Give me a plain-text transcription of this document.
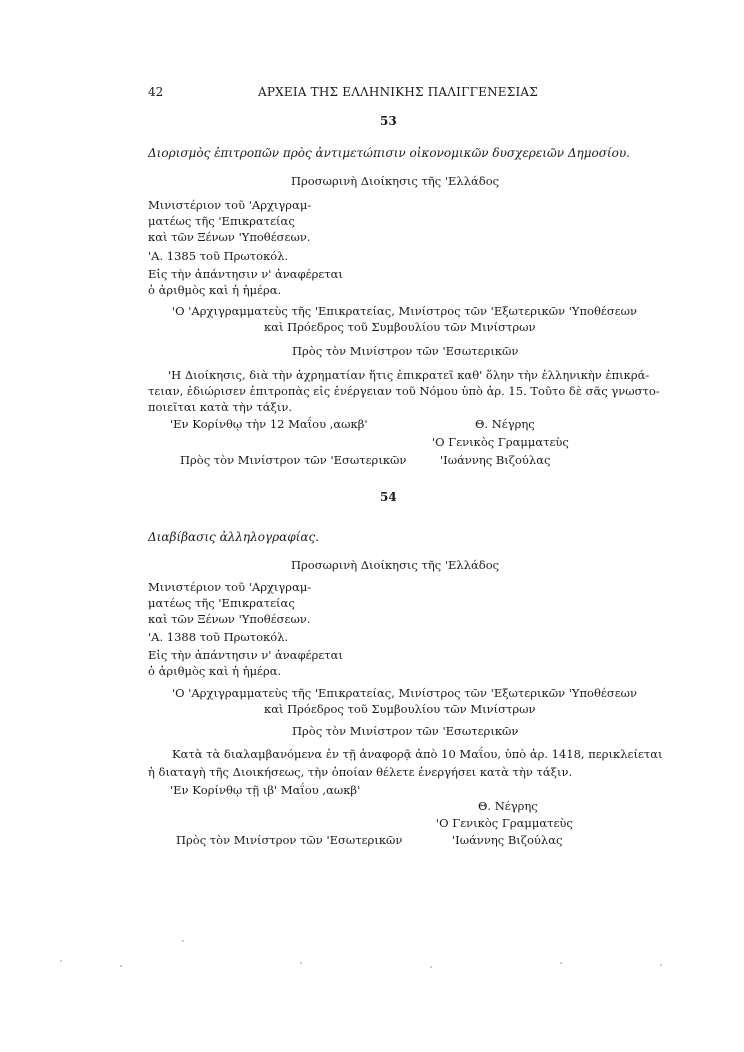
42	ΑΡΧΕΙΑ ΤΗΣ ΕΛΛΗΝΙΚΗΣ ΠΑΛΙΓΓΕΝΕΣΙΑΣ
53
Διορισμὸς ἐπιτροπῶν πρὸς ἀντιμετώπισιν οἰκονομικῶν δυσχερειῶν Δημοσίου.
Προσωρινὴ Διοίκησις τῆς 'Ελλάδος
Μινιστέριον τοῦ 'Αρχιγραμ-
ματέως τῆς 'Επικρατείας
καὶ τῶν Ξένων 'Υποθέσεων.
'Α. 1385 τοῦ Πρωτοκόλ.
Εἰς τὴν ἀπάντησιν ν' ἀναφέρεται
ὁ ἀριθμὸς καὶ ἡ ἡμέρα.
'Ο 'Αρχιγραμματεὺς τῆς 'Επικρατείας, Μινίστρος τῶν 'Εξωτερικῶν 'Υποθέσεων
καὶ Πρόεδρος τοῦ Συμβουλίου τῶν Μινίστρων
Πρὸς τὸν Μινίστρον τῶν 'Εσωτερικῶν
'Η Διοίκησις, διὰ τὴν ἀχρηματίαν ἥτις ἐπικρατεῖ καθ' ὅλην τὴν ἑλληνικὴν ἐπικρά-
τειαν, ἐδιώρισεν ἐπιτροπὰς εἰς ἐνέργειαν τοῦ Νόμου ὑπὸ ἀρ. 15. Τοῦτο δὲ σᾶς γνωστο-
ποιεῖται κατὰ τὴν τάξιν.
'Εν Κορίνθῳ τὴν 12 Μαΐου ,αωκβ'	Θ. Νέγρης
'Ο Γενικὸς Γραμματεὺς
Πρὸς τὸν Μινίστρον τῶν 'Εσωτερικῶν	'Ιωάννης Βιζούλας
54
Διαβίβασις ἀλληλογραφίας.
Προσωρινὴ Διοίκησις τῆς 'Ελλάδος
Μινιστέριον τοῦ 'Αρχιγραμ-
ματέως τῆς 'Επικρατείας
καὶ τῶν Ξένων 'Υποθέσεων.
'Α. 1388 τοῦ Πρωτοκόλ.
Εἰς τὴν ἀπάντησιν ν' ἀναφέρεται
ὁ ἀριθμὸς καὶ ἡ ἡμέρα.
'Ο 'Αρχιγραμματεὺς τῆς 'Επικρατείας, Μινίστρος τῶν 'Εξωτερικῶν 'Υποθέσεων
καὶ Πρόεδρος τοῦ Συμβουλίου τῶν Μινίστρων
Πρὸς τὸν Μινίστρον τῶν 'Εσωτερικῶν
Κατὰ τὰ διαλαμβανόμενα ἐν τῇ ἀναφορᾷ ἀπὸ 10 Μαΐου, ὑπὸ ἀρ. 1418, περικλείεται
ἡ διαταγὴ τῆς Διοικήσεως, τὴν ὁποίαν θέλετε ἐνεργήσει κατὰ τὴν τάξιν.
'Εν Κορίνθῳ τῇ ιβ' Μαΐου ,αωκβ'
Θ. Νέγρης
'Ο Γενικὸς Γραμματεὺς
Πρὸς τὸν Μινίστρον τῶν 'Εσωτερικῶν	'Ιωάννης Βιζούλας
